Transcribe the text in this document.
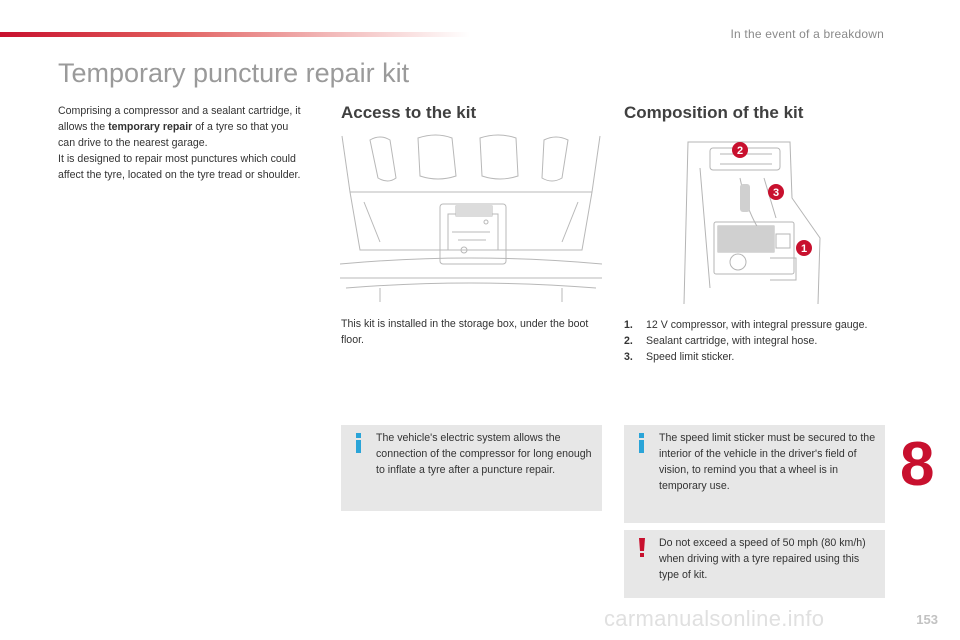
In the event of a breakdown
Temporary puncture repair kit

Comprising a compressor and a sealant cartridge, it allows the temporary repair of a tyre so that you can drive to the nearest garage.

It is designed to repair most punctures which could affect the tyre, located on the tyre tread or shoulder.

Access to the kit
This kit is installed in the storage box, under the boot floor.
The vehicle's electric system allows the connection of the compressor for long enough to inflate a tyre after a puncture repair.
Composition of the kit
2
3
1
1.	12 V compressor, with integral pressure gauge.
2.	Sealant cartridge, with integral hose.
3.	Speed limit sticker.
The speed limit sticker must be secured to the interior of the vehicle in the driver's field of vision, to remind you that a wheel is in temporary use.
Do not exceed a speed of 50 mph (80 km/h) when driving with a tyre repaired using this type of kit.
8
carmanualsonline.info	153
